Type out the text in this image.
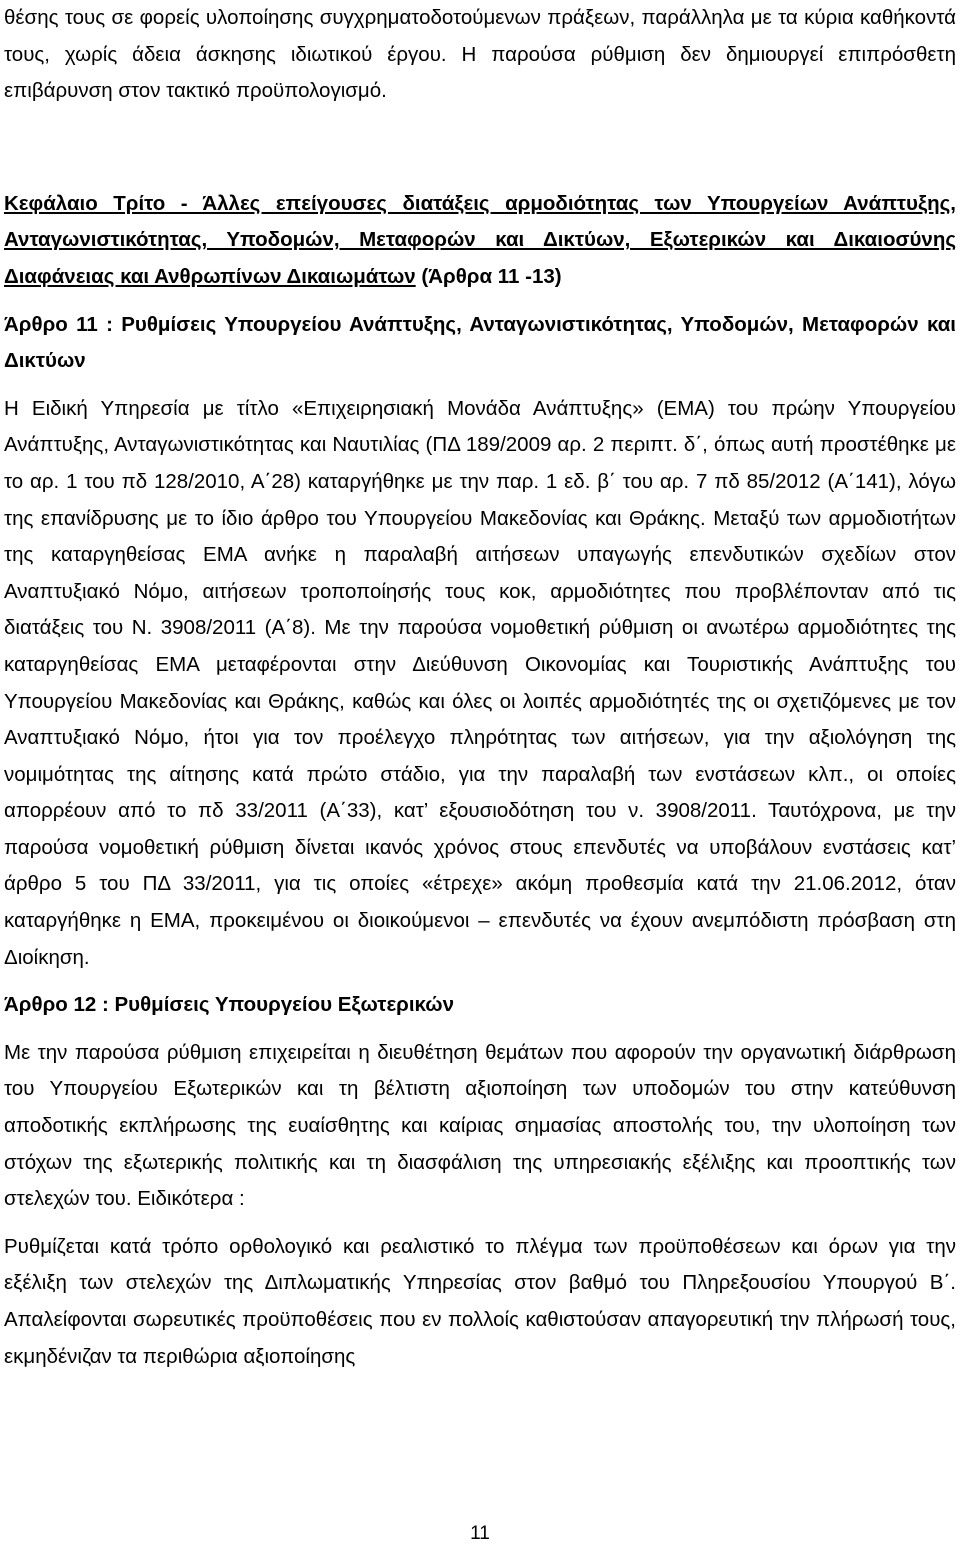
θέσης τους σε φορείς υλοποίησης συγχρηματοδοτούμενων πράξεων, παράλληλα με τα κύρια καθήκοντά τους, χωρίς άδεια άσκησης ιδιωτικού έργου. Η παρούσα ρύθμιση δεν δημιουργεί επιπρόσθετη επιβάρυνση στον τακτικό προϋπολογισμό.

Κεφάλαιο Τρίτο - Άλλες επείγουσες διατάξεις αρμοδιότητας των Υπουργείων Ανάπτυξης, Ανταγωνιστικότητας, Υποδομών, Μεταφορών και Δικτύων, Εξωτερικών και Δικαιοσύνης Διαφάνειας και Ανθρωπίνων Δικαιωμάτων (Άρθρα 11 -13)

Άρθρο 11 : Ρυθμίσεις Υπουργείου Ανάπτυξης, Ανταγωνιστικότητας, Υποδομών, Μεταφορών και Δικτύων

Η Ειδική Υπηρεσία με τίτλο «Επιχειρησιακή Μονάδα Ανάπτυξης» (ΕΜΑ) του πρώην Υπουργείου Ανάπτυξης, Ανταγωνιστικότητας και Ναυτιλίας (ΠΔ 189/2009 αρ. 2 περιπτ. δ΄, όπως αυτή προστέθηκε με το αρ. 1 του πδ 128/2010, Α΄28) καταργήθηκε με την παρ. 1 εδ. β΄ του αρ. 7 πδ 85/2012 (Α΄141), λόγω της επανίδρυσης με το ίδιο άρθρο του Υπουργείου Μακεδονίας και Θράκης. Μεταξύ των αρμοδιοτήτων της καταργηθείσας ΕΜΑ ανήκε η παραλαβή αιτήσεων υπαγωγής επενδυτικών σχεδίων στον Αναπτυξιακό Νόμο, αιτήσεων τροποποίησής τους κοκ, αρμοδιότητες που προβλέπονταν από τις διατάξεις του Ν. 3908/2011 (Α΄8). Με την παρούσα νομοθετική ρύθμιση οι ανωτέρω αρμοδιότητες της καταργηθείσας ΕΜΑ μεταφέρονται στην Διεύθυνση Οικονομίας και Τουριστικής Ανάπτυξης του Υπουργείου Μακεδονίας και Θράκης, καθώς και όλες οι λοιπές αρμοδιότητές της οι σχετιζόμενες με τον Αναπτυξιακό Νόμο, ήτοι για τον προέλεγχο πληρότητας των αιτήσεων, για την αξιολόγηση της νομιμότητας της αίτησης κατά πρώτο στάδιο, για την παραλαβή των ενστάσεων κλπ., οι οποίες απορρέουν από το πδ 33/2011 (Α΄33), κατ’ εξουσιοδότηση του ν. 3908/2011. Ταυτόχρονα, με την παρούσα νομοθετική ρύθμιση δίνεται ικανός χρόνος στους επενδυτές να υποβάλουν ενστάσεις κατ’ άρθρο 5 του ΠΔ 33/2011, για τις οποίες «έτρεχε» ακόμη προθεσμία κατά την 21.06.2012, όταν καταργήθηκε η ΕΜΑ, προκειμένου οι διοικούμενοι – επενδυτές να έχουν ανεμπόδιστη πρόσβαση στη Διοίκηση.

Άρθρο 12 : Ρυθμίσεις Υπουργείου Εξωτερικών

Με την παρούσα ρύθμιση επιχειρείται η διευθέτηση θεμάτων που αφορούν την οργανωτική διάρθρωση του Υπουργείου Εξωτερικών και τη βέλτιστη αξιοποίηση των υποδομών του στην κατεύθυνση αποδοτικής εκπλήρωσης της ευαίσθητης και καίριας σημασίας αποστολής του, την υλοποίηση των στόχων της εξωτερικής πολιτικής και τη διασφάλιση της υπηρεσιακής εξέλιξης και προοπτικής των στελεχών του. Ειδικότερα :

Ρυθμίζεται κατά τρόπο ορθολογικό και ρεαλιστικό το πλέγμα των προϋποθέσεων και όρων για την εξέλιξη των στελεχών της Διπλωματικής Υπηρεσίας στον βαθμό του Πληρεξουσίου Υπουργού Β΄. Απαλείφονται σωρευτικές προϋποθέσεις που εν πολλοίς καθιστούσαν απαγορευτική την πλήρωσή τους, εκμηδένιζαν τα περιθώρια αξιοποίησης

11
